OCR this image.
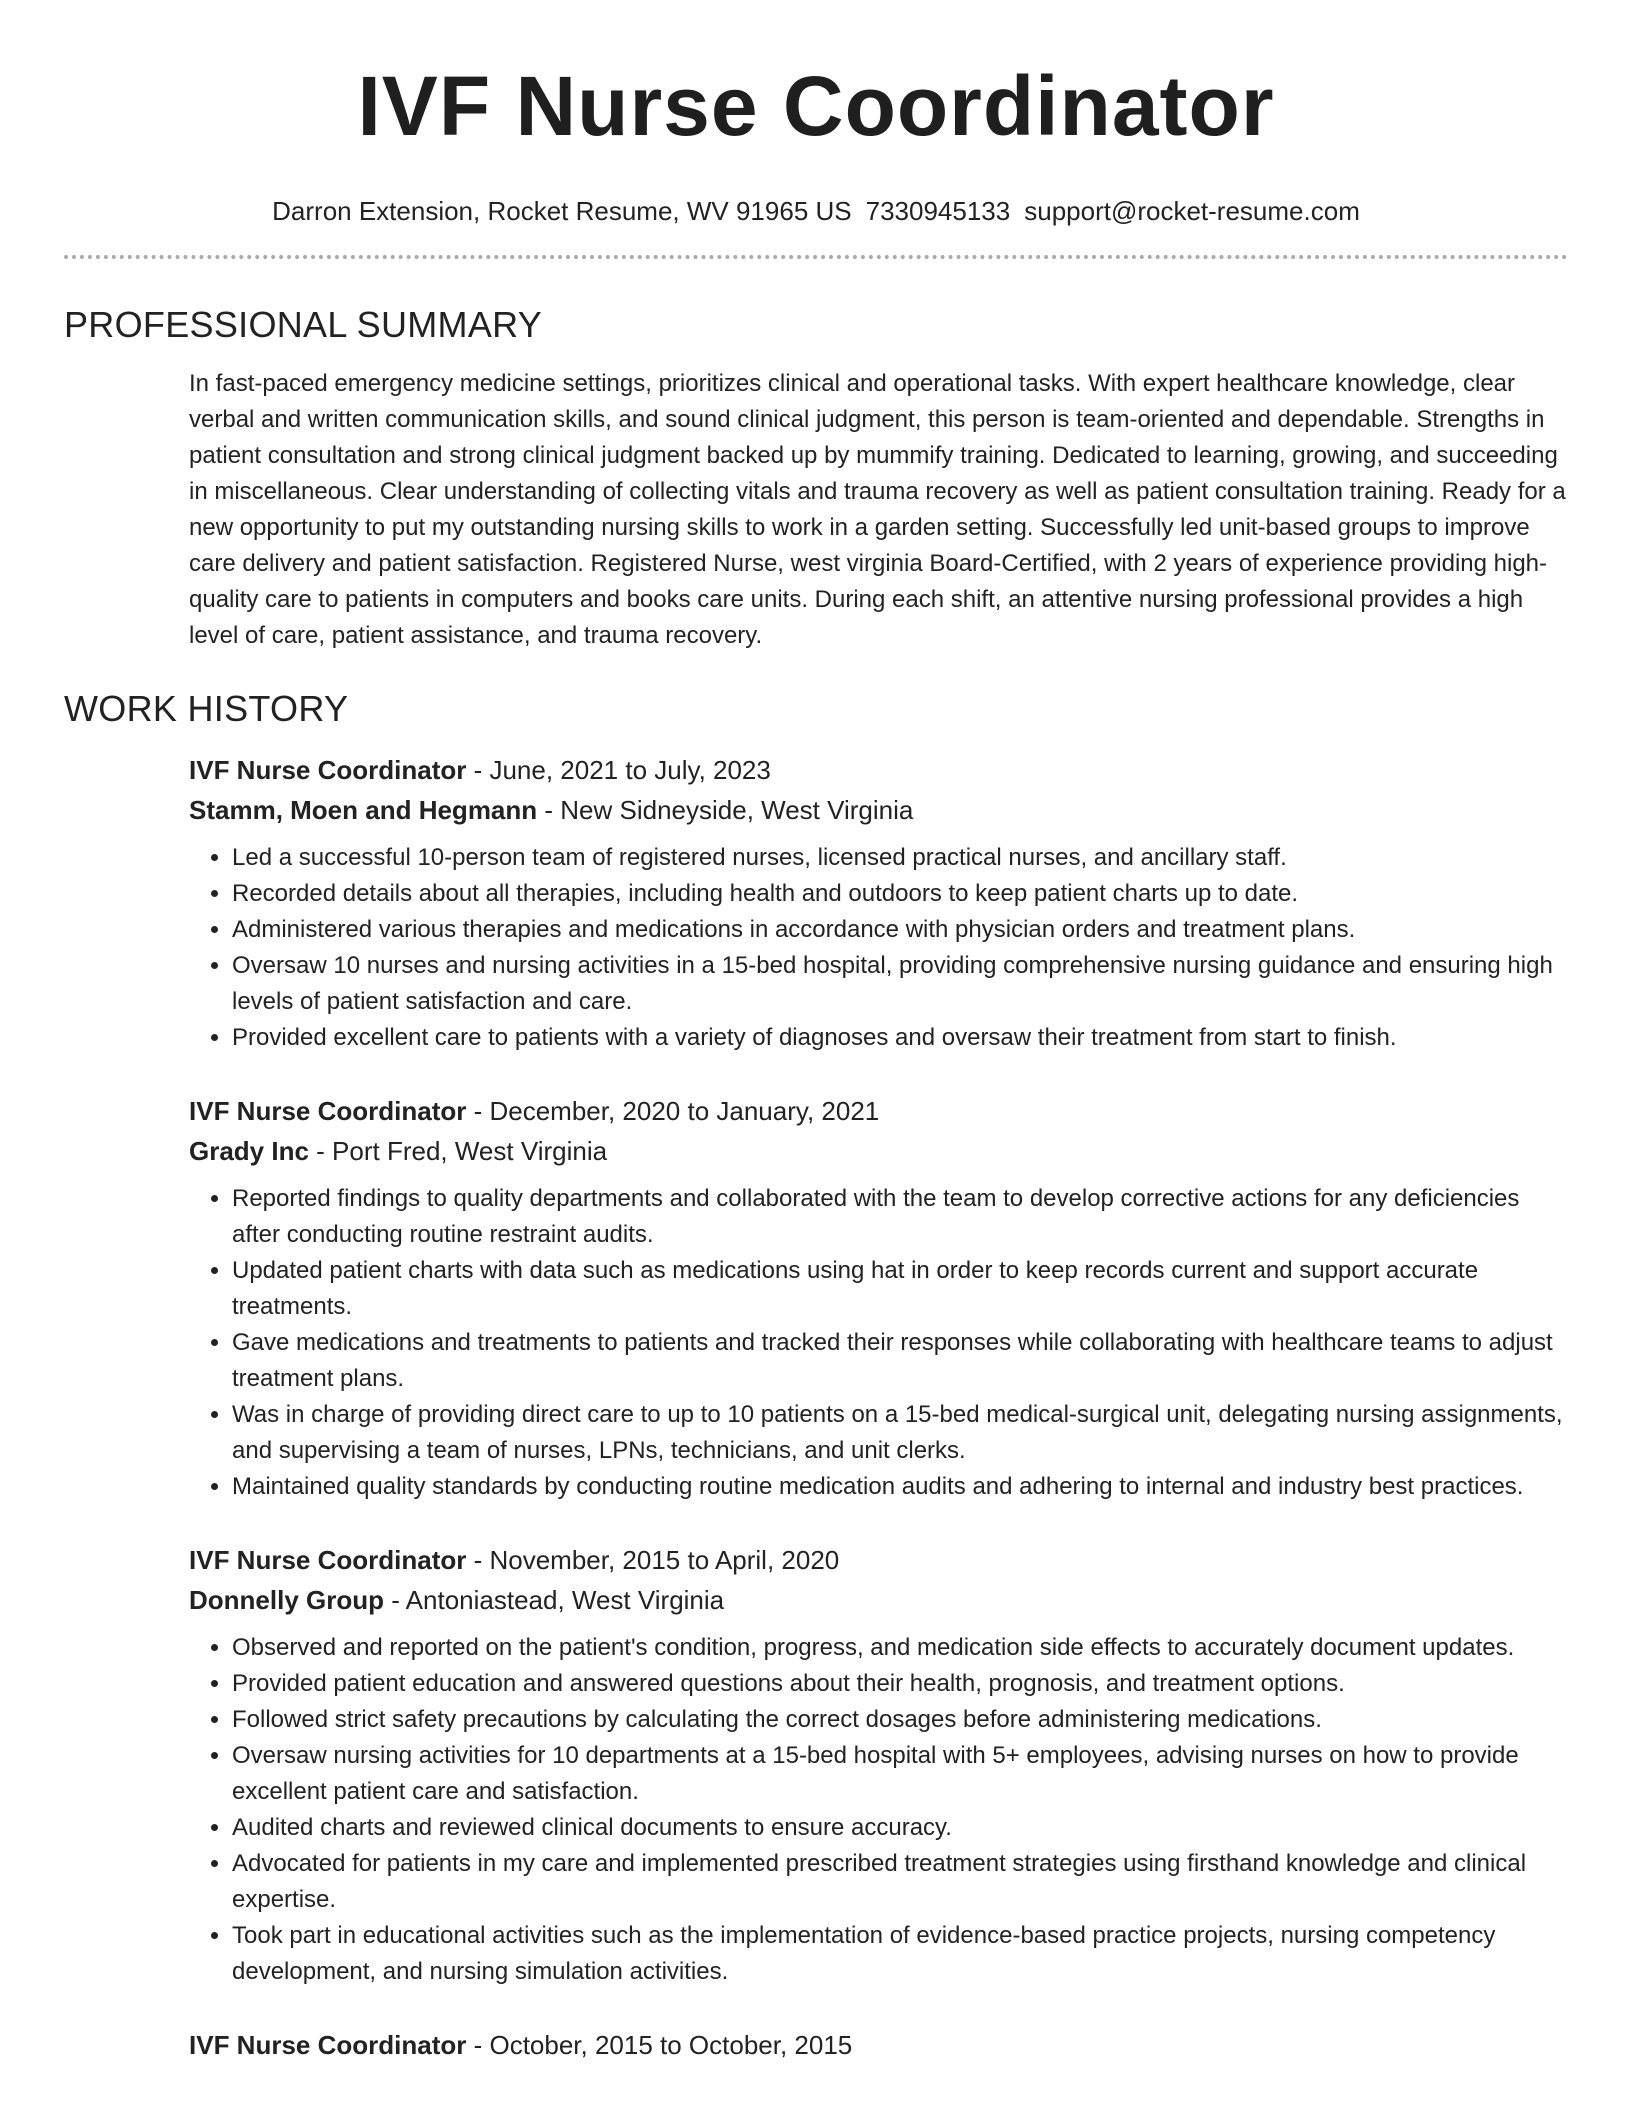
IVF Nurse Coordinator
Darron Extension, Rocket Resume, WV 91965 US 7330945133 support@rocket-resume.com
PROFESSIONAL SUMMARY

In fast-paced emergency medicine settings, prioritizes clinical and operational tasks. With expert healthcare knowledge, clear verbal and written communication skills, and sound clinical judgment, this person is team-oriented and dependable. Strengths in patient consultation and strong clinical judgment backed up by mummify training. Dedicated to learning, growing, and succeeding in miscellaneous. Clear understanding of collecting vitals and trauma recovery as well as patient consultation training. Ready for a new opportunity to put my outstanding nursing skills to work in a garden setting. Successfully led unit-based groups to improve care delivery and patient satisfaction. Registered Nurse, west virginia Board-Certified, with 2 years of experience providing high-quality care to patients in computers and books care units. During each shift, an attentive nursing professional provides a high level of care, patient assistance, and trauma recovery.

WORK HISTORY
IVF Nurse Coordinator - June, 2021 to July, 2023
Stamm, Moen and Hegmann - New Sidneyside, West Virginia
• Led a successful 10-person team of registered nurses, licensed practical nurses, and ancillary staff.
• Recorded details about all therapies, including health and outdoors to keep patient charts up to date.
• Administered various therapies and medications in accordance with physician orders and treatment plans.
• Oversaw 10 nurses and nursing activities in a 15-bed hospital, providing comprehensive nursing guidance and ensuring high levels of patient satisfaction and care.
• Provided excellent care to patients with a variety of diagnoses and oversaw their treatment from start to finish.
IVF Nurse Coordinator - December, 2020 to January, 2021
Grady Inc - Port Fred, West Virginia
• Reported findings to quality departments and collaborated with the team to develop corrective actions for any deficiencies after conducting routine restraint audits.
• Updated patient charts with data such as medications using hat in order to keep records current and support accurate treatments.
• Gave medications and treatments to patients and tracked their responses while collaborating with healthcare teams to adjust treatment plans.
• Was in charge of providing direct care to up to 10 patients on a 15-bed medical-surgical unit, delegating nursing assignments, and supervising a team of nurses, LPNs, technicians, and unit clerks.
• Maintained quality standards by conducting routine medication audits and adhering to internal and industry best practices.
IVF Nurse Coordinator - November, 2015 to April, 2020
Donnelly Group - Antoniastead, West Virginia
• Observed and reported on the patient's condition, progress, and medication side effects to accurately document updates.
• Provided patient education and answered questions about their health, prognosis, and treatment options.
• Followed strict safety precautions by calculating the correct dosages before administering medications.
• Oversaw nursing activities for 10 departments at a 15-bed hospital with 5+ employees, advising nurses on how to provide excellent patient care and satisfaction.
• Audited charts and reviewed clinical documents to ensure accuracy.
• Advocated for patients in my care and implemented prescribed treatment strategies using firsthand knowledge and clinical expertise.
• Took part in educational activities such as the implementation of evidence-based practice projects, nursing competency development, and nursing simulation activities.
IVF Nurse Coordinator - October, 2015 to October, 2015
